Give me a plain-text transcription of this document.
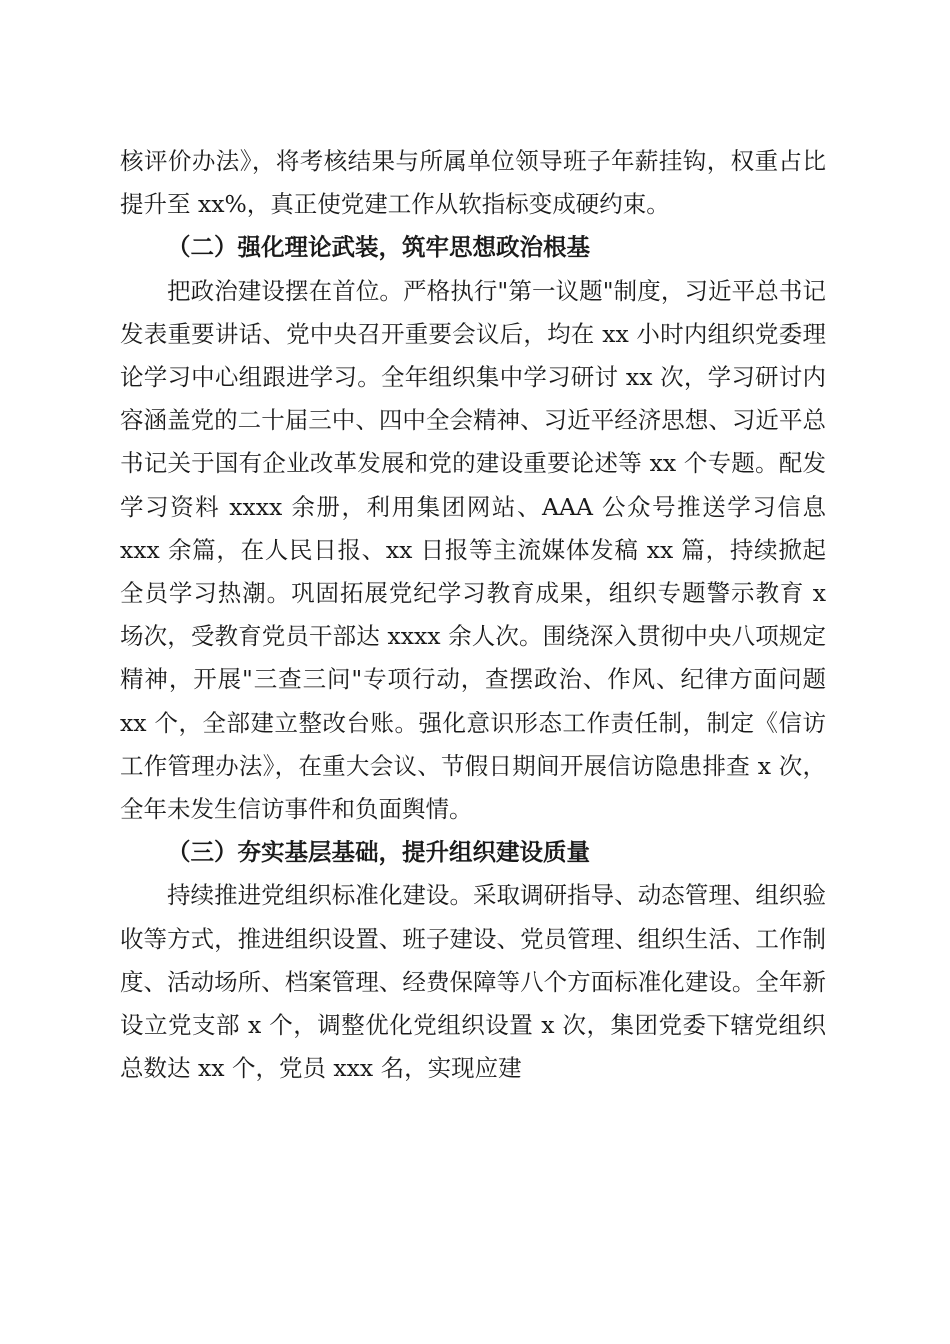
核评价办法》，将考核结果与所属单位领导班子年薪挂钩，权重占比提升至 xx%，真正使党建工作从软指标变成硬约束。

（二）强化理论武装，筑牢思想政治根基

把政治建设摆在首位。严格执行"第一议题"制度，习近平总书记发表重要讲话、党中央召开重要会议后，均在 xx 小时内组织党委理论学习中心组跟进学习。全年组织集中学习研讨 xx 次，学习研讨内容涵盖党的二十届三中、四中全会精神、习近平经济思想、习近平总书记关于国有企业改革发展和党的建设重要论述等 xx 个专题。配发学习资料 xxxx 余册，利用集团网站、AAA 公众号推送学习信息 xxx 余篇，在人民日报、xx 日报等主流媒体发稿 xx 篇，持续掀起全员学习热潮。巩固拓展党纪学习教育成果，组织专题警示教育 x 场次，受教育党员干部达 xxxx 余人次。围绕深入贯彻中央八项规定精神，开展"三查三问"专项行动，查摆政治、作风、纪律方面问题 xx 个，全部建立整改台账。强化意识形态工作责任制，制定《信访工作管理办法》，在重大会议、节假日期间开展信访隐患排查 x 次，全年未发生信访事件和负面舆情。

（三）夯实基层基础，提升组织建设质量

持续推进党组织标准化建设。采取调研指导、动态管理、组织验收等方式，推进组织设置、班子建设、党员管理、组织生活、工作制度、活动场所、档案管理、经费保障等八个方面标准化建设。全年新设立党支部 x 个，调整优化党组织设置 x 次，集团党委下辖党组织总数达 xx 个，党员 xxx 名，实现应建
